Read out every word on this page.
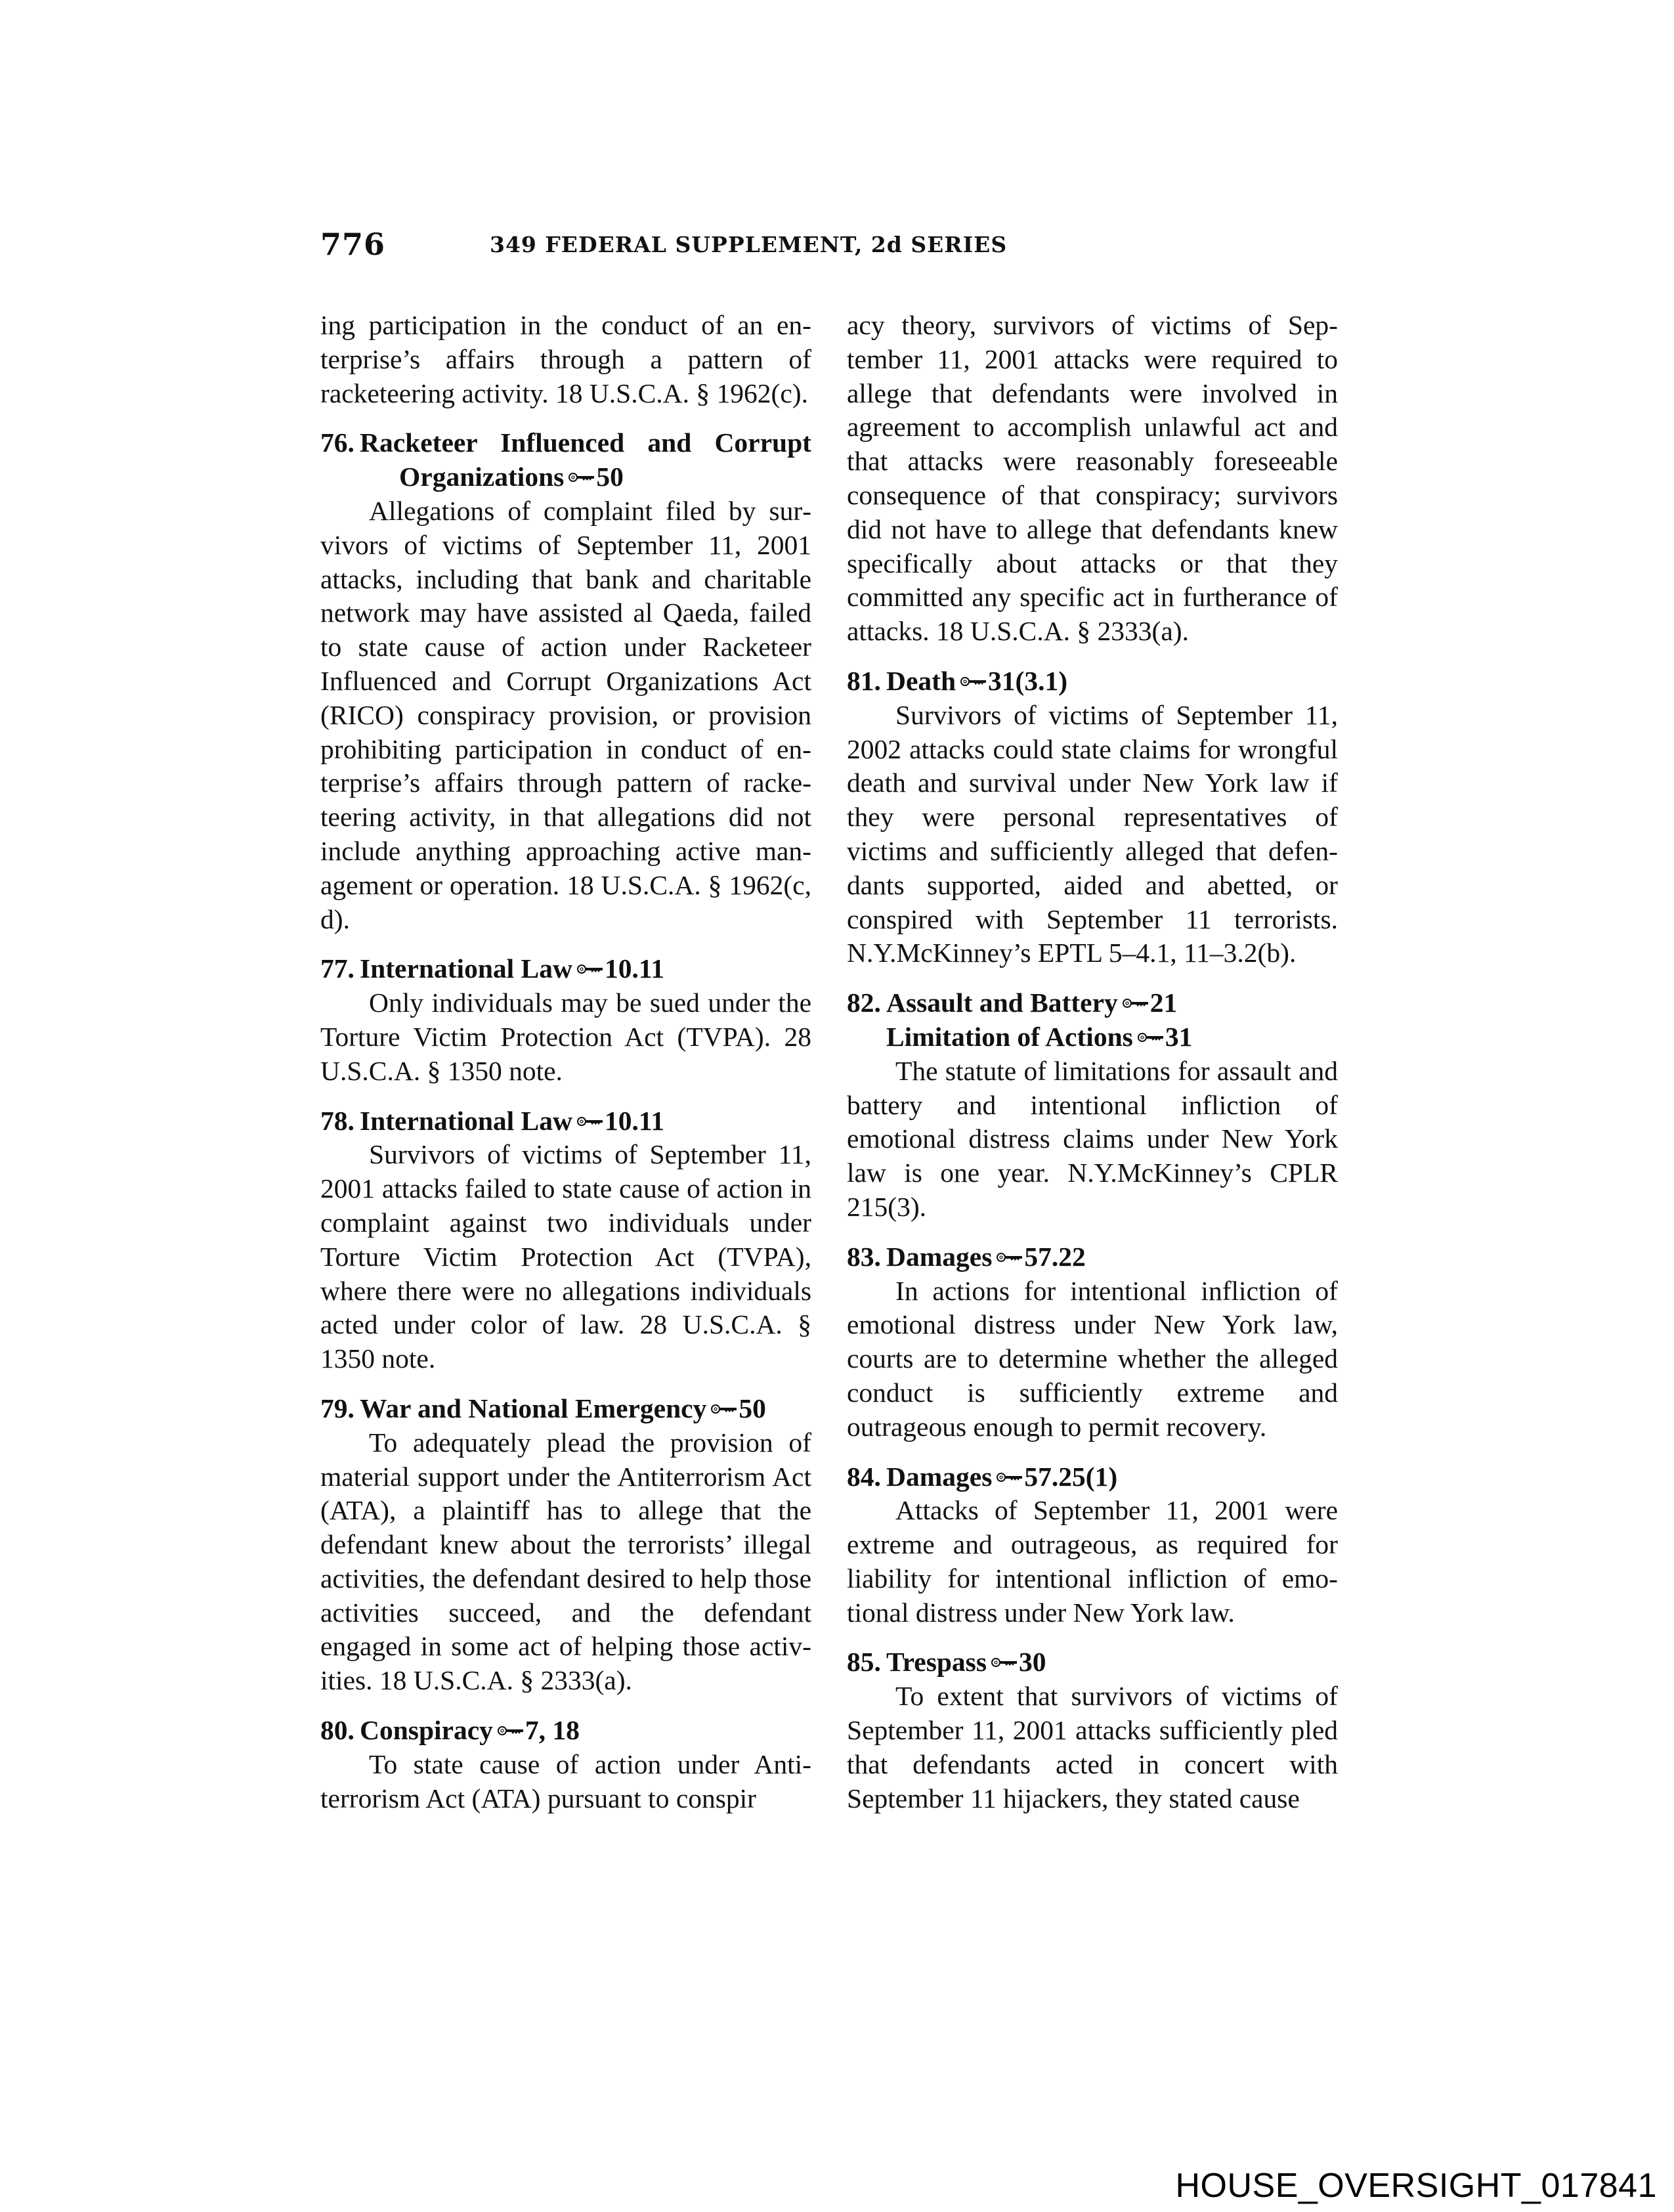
776	349 FEDERAL SUPPLEMENT, 2d SERIES

ing participation in the conduct of an enterprise’s affairs through a pattern of racketeering activity. 18 U.S.C.A. § 1962(c).

76. Racketeer Influenced and Corrupt Organizations 50

Allegations of complaint filed by survivors of victims of September 11, 2001 attacks, including that bank and charitable network may have assisted al Qaeda, failed to state cause of action under Racketeer Influenced and Corrupt Organizations Act (RICO) conspiracy provision, or provision prohibiting participation in conduct of enterprise’s affairs through pattern of racketeering activity, in that allegations did not include anything approaching active management or operation. 18 U.S.C.A. § 1962(c, d).

77. International Law 10.11

Only individuals may be sued under the Torture Victim Protection Act (TVPA). 28 U.S.C.A. § 1350 note.

78. International Law 10.11

Survivors of victims of September 11, 2001 attacks failed to state cause of action in complaint against two individuals under Torture Victim Protection Act (TVPA), where there were no allegations individuals acted under color of law. 28 U.S.C.A. § 1350 note.

79. War and National Emergency 50

To adequately plead the provision of material support under the Antiterrorism Act (ATA), a plaintiff has to allege that the defendant knew about the terrorists’ illegal activities, the defendant desired to help those activities succeed, and the defendant engaged in some act of helping those activities. 18 U.S.C.A. § 2333(a).

80. Conspiracy 7, 18

To state cause of action under Antiterrorism Act (ATA) pursuant to conspir

acy theory, survivors of victims of September 11, 2001 attacks were required to allege that defendants were involved in agreement to accomplish unlawful act and that attacks were reasonably foreseeable consequence of that conspiracy; survivors did not have to allege that defendants knew specifically about attacks or that they committed any specific act in furtherance of attacks. 18 U.S.C.A. § 2333(a).

81. Death 31(3.1)

Survivors of victims of September 11, 2002 attacks could state claims for wrongful death and survival under New York law if they were personal representatives of victims and sufficiently alleged that defendants supported, aided and abetted, or conspired with September 11 terrorists. N.Y.McKinney’s EPTL 5–4.1, 11–3.2(b).

82. Assault and Battery 21

Limitation of Actions 31

The statute of limitations for assault and battery and intentional infliction of emotional distress claims under New York law is one year. N.Y.McKinney’s CPLR 215(3).

83. Damages 57.22

In actions for intentional infliction of emotional distress under New York law, courts are to determine whether the alleged conduct is sufficiently extreme and outrageous enough to permit recovery.

84. Damages 57.25(1)

Attacks of September 11, 2001 were extreme and outrageous, as required for liability for intentional infliction of emotional distress under New York law.

85. Trespass 30

To extent that survivors of victims of September 11, 2001 attacks sufficiently pled that defendants acted in concert with September 11 hijackers, they stated cause

HOUSE_OVERSIGHT_017841
